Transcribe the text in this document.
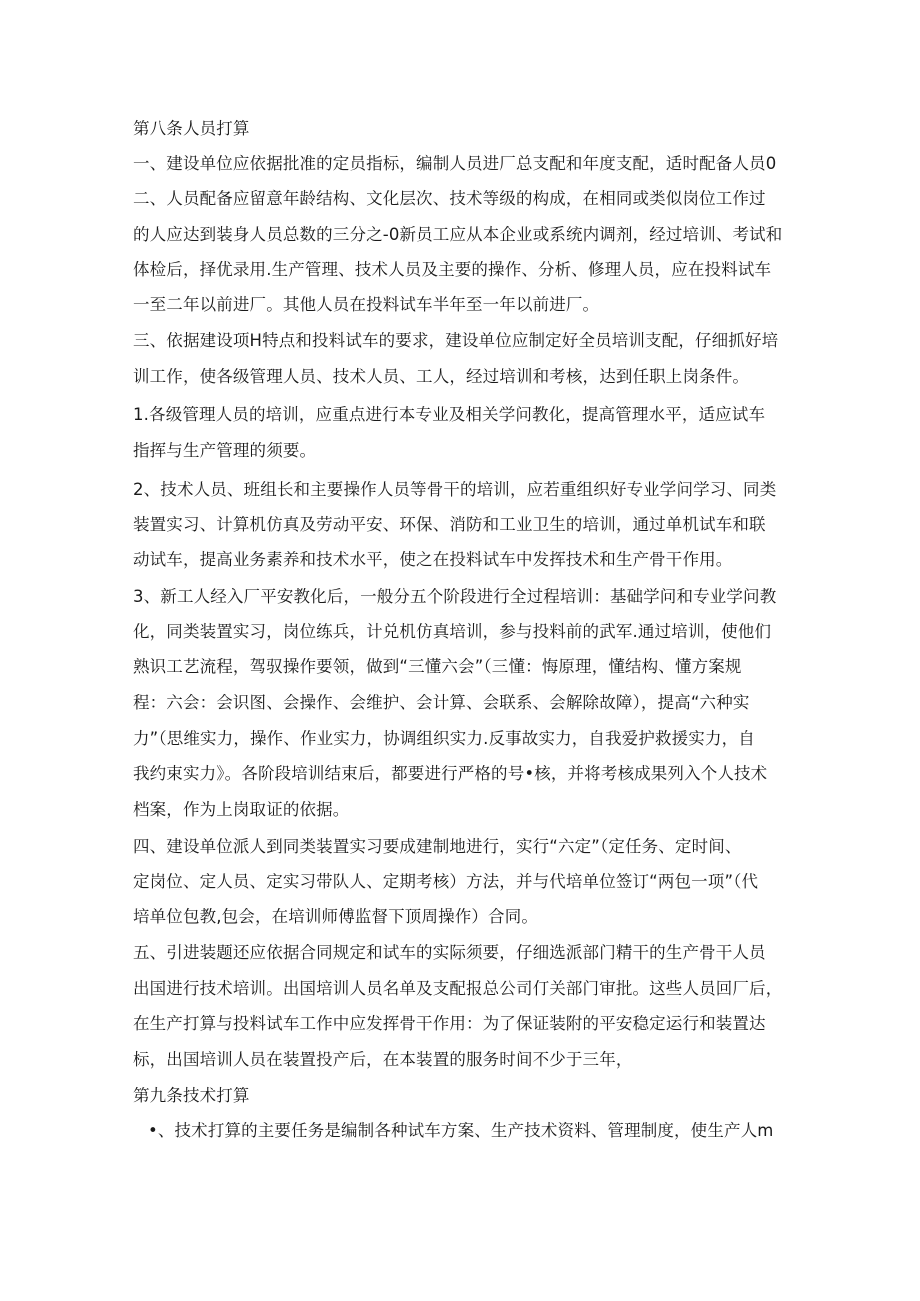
第八条人员打算
一、建设单位应依据批准的定员指标，编制人员进厂总支配和年度支配，适时配备人员0
二、人员配备应留意年龄结构、文化层次、技术等级的构成，在相同或类似岗位工作过
的人应达到装身人员总数的三分之-0新员工应从本企业或系统内调剂，经过培训、考试和
体检后，择优录用.生产管理、技术人员及主要的操作、分析、修理人员，应在投料试车
一至二年以前进厂。其他人员在投料试车半年至一年以前进厂。
三、依据建设项H特点和投料试车的要求，建设单位应制定好全员培训支配，仔细抓好培
训工作，使各级管理人员、技术人员、工人，经过培训和考核，达到任职上岗条件。
1.各级管理人员的培训，应重点进行本专业及相关学问教化，提高管理水平，适应试车
指挥与生产管理的须要。
2、技术人员、班组长和主要操作人员等骨干的培训，应若重组织好专业学问学习、同类
装置实习、计算机仿真及劳动平安、环保、消防和工业卫生的培训，通过单机试车和联
动试车，提高业务素养和技术水平，使之在投料试车中发挥技术和生产骨干作用。
3、新工人经入厂平安教化后，一般分五个阶段进行全过程培训：基础学问和专业学问教
化，同类装置实习，岗位练兵，计兑机仿真培训，参与投料前的武军.通过培训，使他们
熟识工艺流程，驾驭操作要领，做到“三懂六会”（三懂：悔原理，懂结构、懂方案规
程：六会：会识图、会操作、会维护、会计算、会联系、会解除故障），提高“六种实
力”（思维实力，操作、作业实力，协调组织实力.反事故实力，自我爱护救援实力，自
我约束实力》。各阶段培训结束后，都要进行严格的号•核，并将考核成果列入个人技术
档案，作为上岗取证的依据。
四、建设单位派人到同类装置实习要成建制地进行，实行“六定”（定任务、定时间、
定岗位、定人员、定实习带队人、定期考核）方法，并与代培单位签订“两包一项”（代
培单位包教,包会，在培训师傅监督下顶周操作）合同。
五、引进装题还应依据合同规定和试车的实际须要，仔细选派部门精干的生产骨干人员
出国进行技术培训。出国培训人员名单及支配报总公司仃关部门审批。这些人员回厂后，
在生产打算与投料试车工作中应发挥骨干作用：为了保证装附的平安稳定运行和装置达
标，出国培训人员在装置投产后，在本装置的服务时间不少于三年，
第九条技术打算
•、技术打算的主要任务是编制各种试车方案、生产技术资料、管理制度，使生产人m
